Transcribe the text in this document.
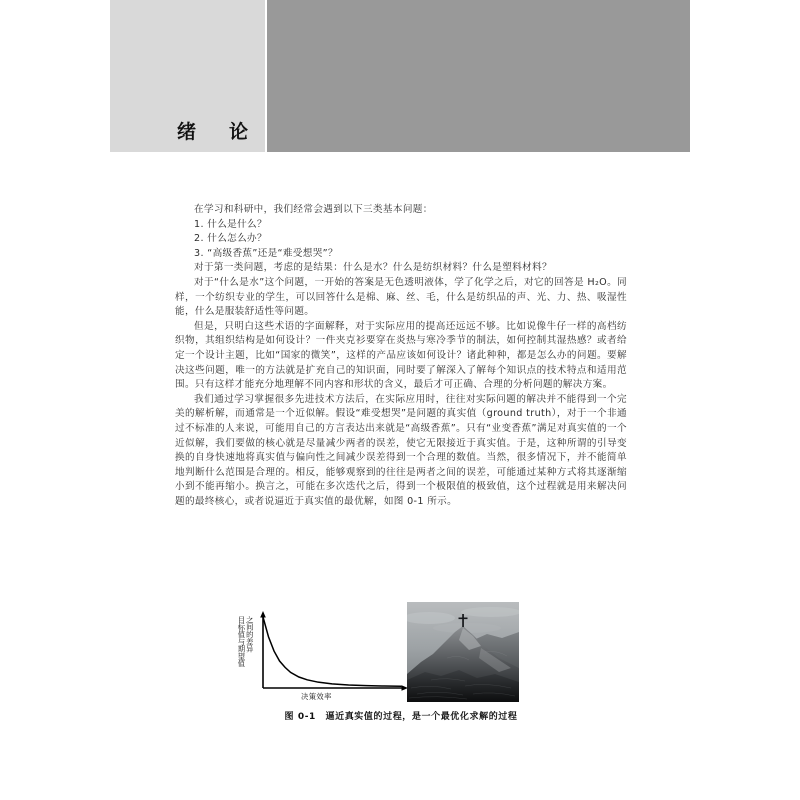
绪　论

在学习和科研中，我们经常会遇到以下三类基本问题：

1. 什么是什么？

2. 什么怎么办？

3. “高级香蕉”还是“难受想哭”？

对于第一类问题，考虑的是结果：什么是水？什么是纺织材料？什么是塑料材料？

对于“什么是水”这个问题，一开始的答案是无色透明液体，学了化学之后，对它的回答是 H₂O。同样，一个纺织专业的学生，可以回答什么是棉、麻、丝、毛，什么是纺织品的声、光、力、热、吸湿性能，什么是服装舒适性等问题。

但是，只明白这些术语的字面解释，对于实际应用的提高还远远不够。比如说像牛仔一样的高档纺织物，其组织结构是如何设计？一件夹克衫要穿在炎热与寒冷季节的制法，如何控制其湿热感？或者给定一个设计主题，比如“国家的微笑”，这样的产品应该如何设计？诸此种种，都是怎么办的问题。要解决这些问题，唯一的方法就是扩充自己的知识面，同时要了解深入了解每个知识点的技术特点和适用范围。只有这样才能充分地理解不同内容和形状的含义，最后才可正确、合理的分析问题的解决方案。

我们通过学习掌握很多先进技术方法后，在实际应用时，往往对实际问题的解决并不能得到一个完美的解析解，而通常是一个近似解。假设“难受想哭”是问题的真实值（ground truth），对于一个非通过不标准的人来说，可能用自己的方言表达出来就是“高级香蕉”。只有“业变香蕉”满足对真实值的一个近似解，我们要做的核心就是尽量减少两者的误差，使它无限接近于真实值。于是，这种所谓的引导变换的自身快速地将真实值与偏向性之间减少误差得到一个合理的数值。当然，很多情况下，并不能简单地判断什么范围是合理的。相反，能够观察到的往往是两者之间的误差，可能通过某种方式将其逐渐缩小到不能再缩小。换言之，可能在多次迭代之后，得到一个极限值的极致值，这个过程就是用来解决问题的最终核心，或者说逼近于真实值的最优解，如图 0-1 所示。

目标值与期望值 之间的差异
决策效率
图 0-1　逼近真实值的过程，是一个最优化求解的过程
